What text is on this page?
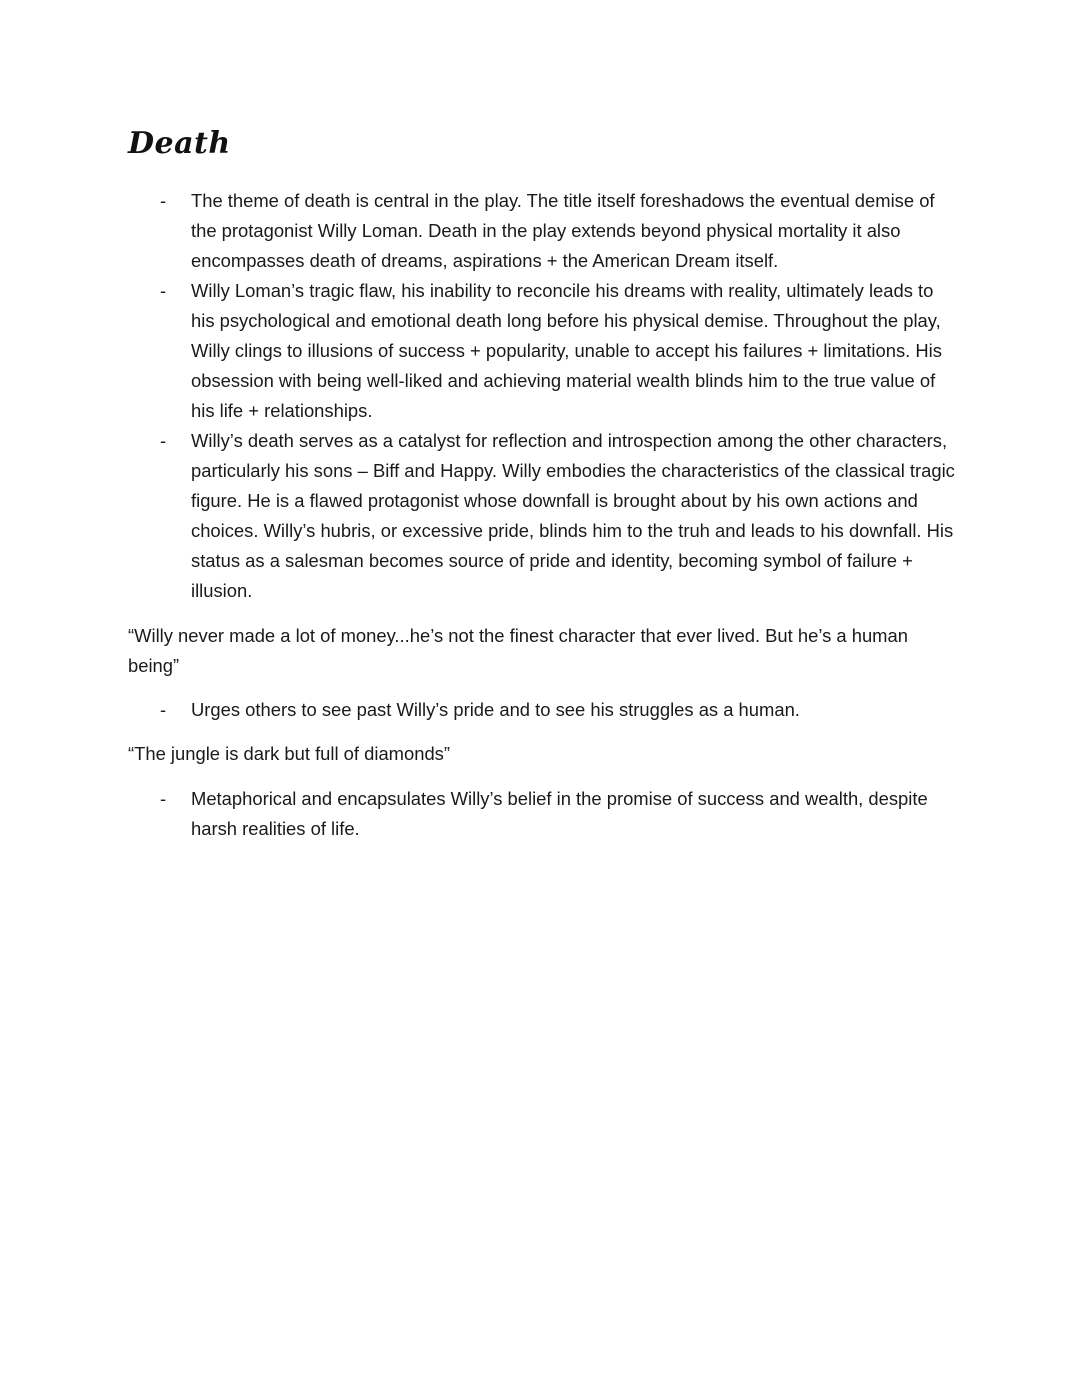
Death
- The theme of death is central in the play. The title itself foreshadows the eventual demise of the protagonist Willy Loman. Death in the play extends beyond physical mortality it also encompasses death of dreams, aspirations + the American Dream itself.
- Willy Loman’s tragic flaw, his inability to reconcile his dreams with reality, ultimately leads to his psychological and emotional death long before his physical demise. Throughout the play, Willy clings to illusions of success + popularity, unable to accept his failures + limitations. His obsession with being well-liked and achieving material wealth blinds him to the true value of his life + relationships.
- Willy’s death serves as a catalyst for reflection and introspection among the other characters, particularly his sons – Biff and Happy. Willy embodies the characteristics of the classical tragic figure. He is a flawed protagonist whose downfall is brought about by his own actions and choices. Willy’s hubris, or excessive pride, blinds him to the truh and leads to his downfall. His status as a salesman becomes source of pride and identity, becoming symbol of failure + illusion.

“Willy never made a lot of money...he’s not the finest character that ever lived. But he’s a human being”

- Urges others to see past Willy’s pride and to see his struggles as a human.

“The jungle is dark but full of diamonds”

- Metaphorical and encapsulates Willy’s belief in the promise of success and wealth, despite harsh realities of life.
